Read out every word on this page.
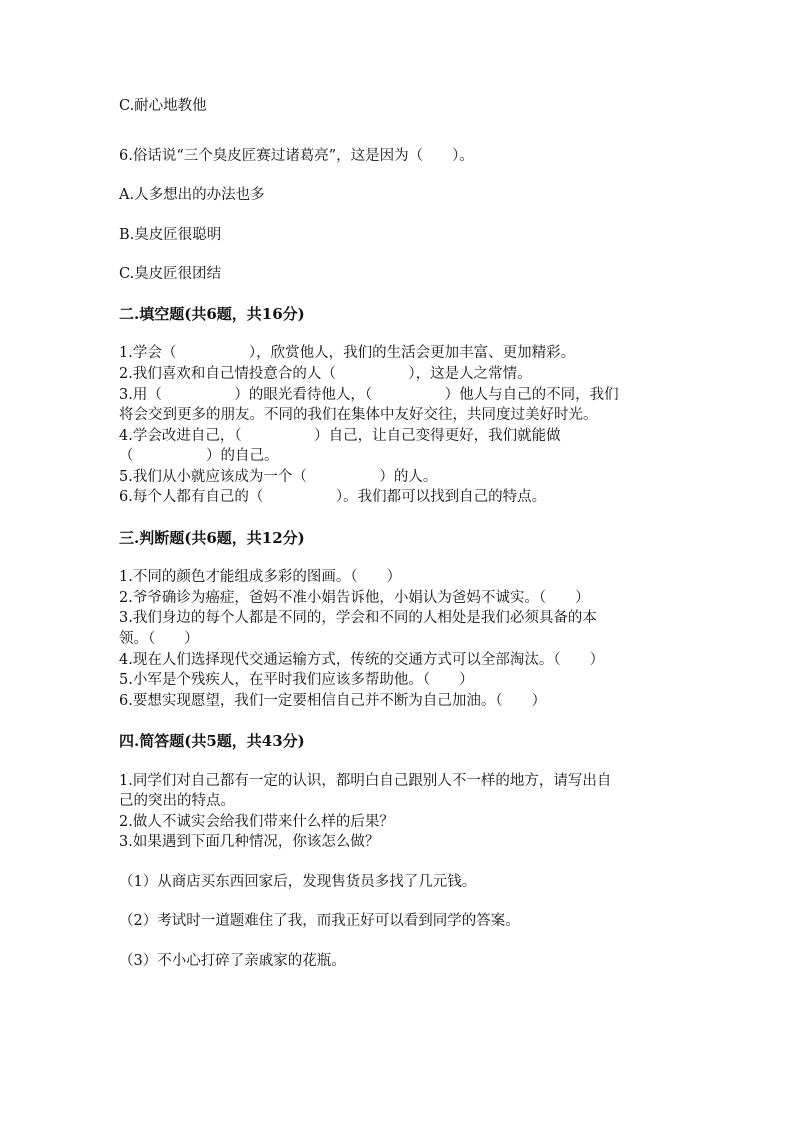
C.耐心地教他
6.俗话说“三个臭皮匠赛过诸葛亮”，这是因为（　　）。
A.人多想出的办法也多
B.臭皮匠很聪明
C.臭皮匠很团结
二.填空题(共6题，共16分)
1.学会（　　　　　），欣赏他人，我们的生活会更加丰富、更加精彩。
2.我们喜欢和自己情投意合的人（　　　　　），这是人之常情。
3.用（　　　　　）的眼光看待他人，（　　　　　）他人与自己的不同，我们
将会交到更多的朋友。不同的我们在集体中友好交往，共同度过美好时光。
4.学会改进自己，（　　　　　）自己，让自己变得更好，我们就能做
（　　　　　）的自己。
5.我们从小就应该成为一个（　　　　　）的人。
6.每个人都有自己的（　　　　　）。我们都可以找到自己的特点。
三.判断题(共6题，共12分)
1.不同的颜色才能组成多彩的图画。（　　）
2.爷爷确诊为癌症，爸妈不准小娟告诉他，小娟认为爸妈不诚实。（　　）
3.我们身边的每个人都是不同的，学会和不同的人相处是我们必须具备的本
领。（　　）
4.现在人们选择现代交通运输方式，传统的交通方式可以全部淘汰。（　　）
5.小军是个残疾人，在平时我们应该多帮助他。（　　）
6.要想实现愿望，我们一定要相信自己并不断为自己加油。（　　）
四.简答题(共5题，共43分)
1.同学们对自己都有一定的认识，都明白自己跟别人不一样的地方，请写出自
己的突出的特点。
2.做人不诚实会给我们带来什么样的后果？
3.如果遇到下面几种情况，你该怎么做？
（1）从商店买东西回家后，发现售货员多找了几元钱。
（2）考试时一道题难住了我，而我正好可以看到同学的答案。
（3）不小心打碎了亲戚家的花瓶。
